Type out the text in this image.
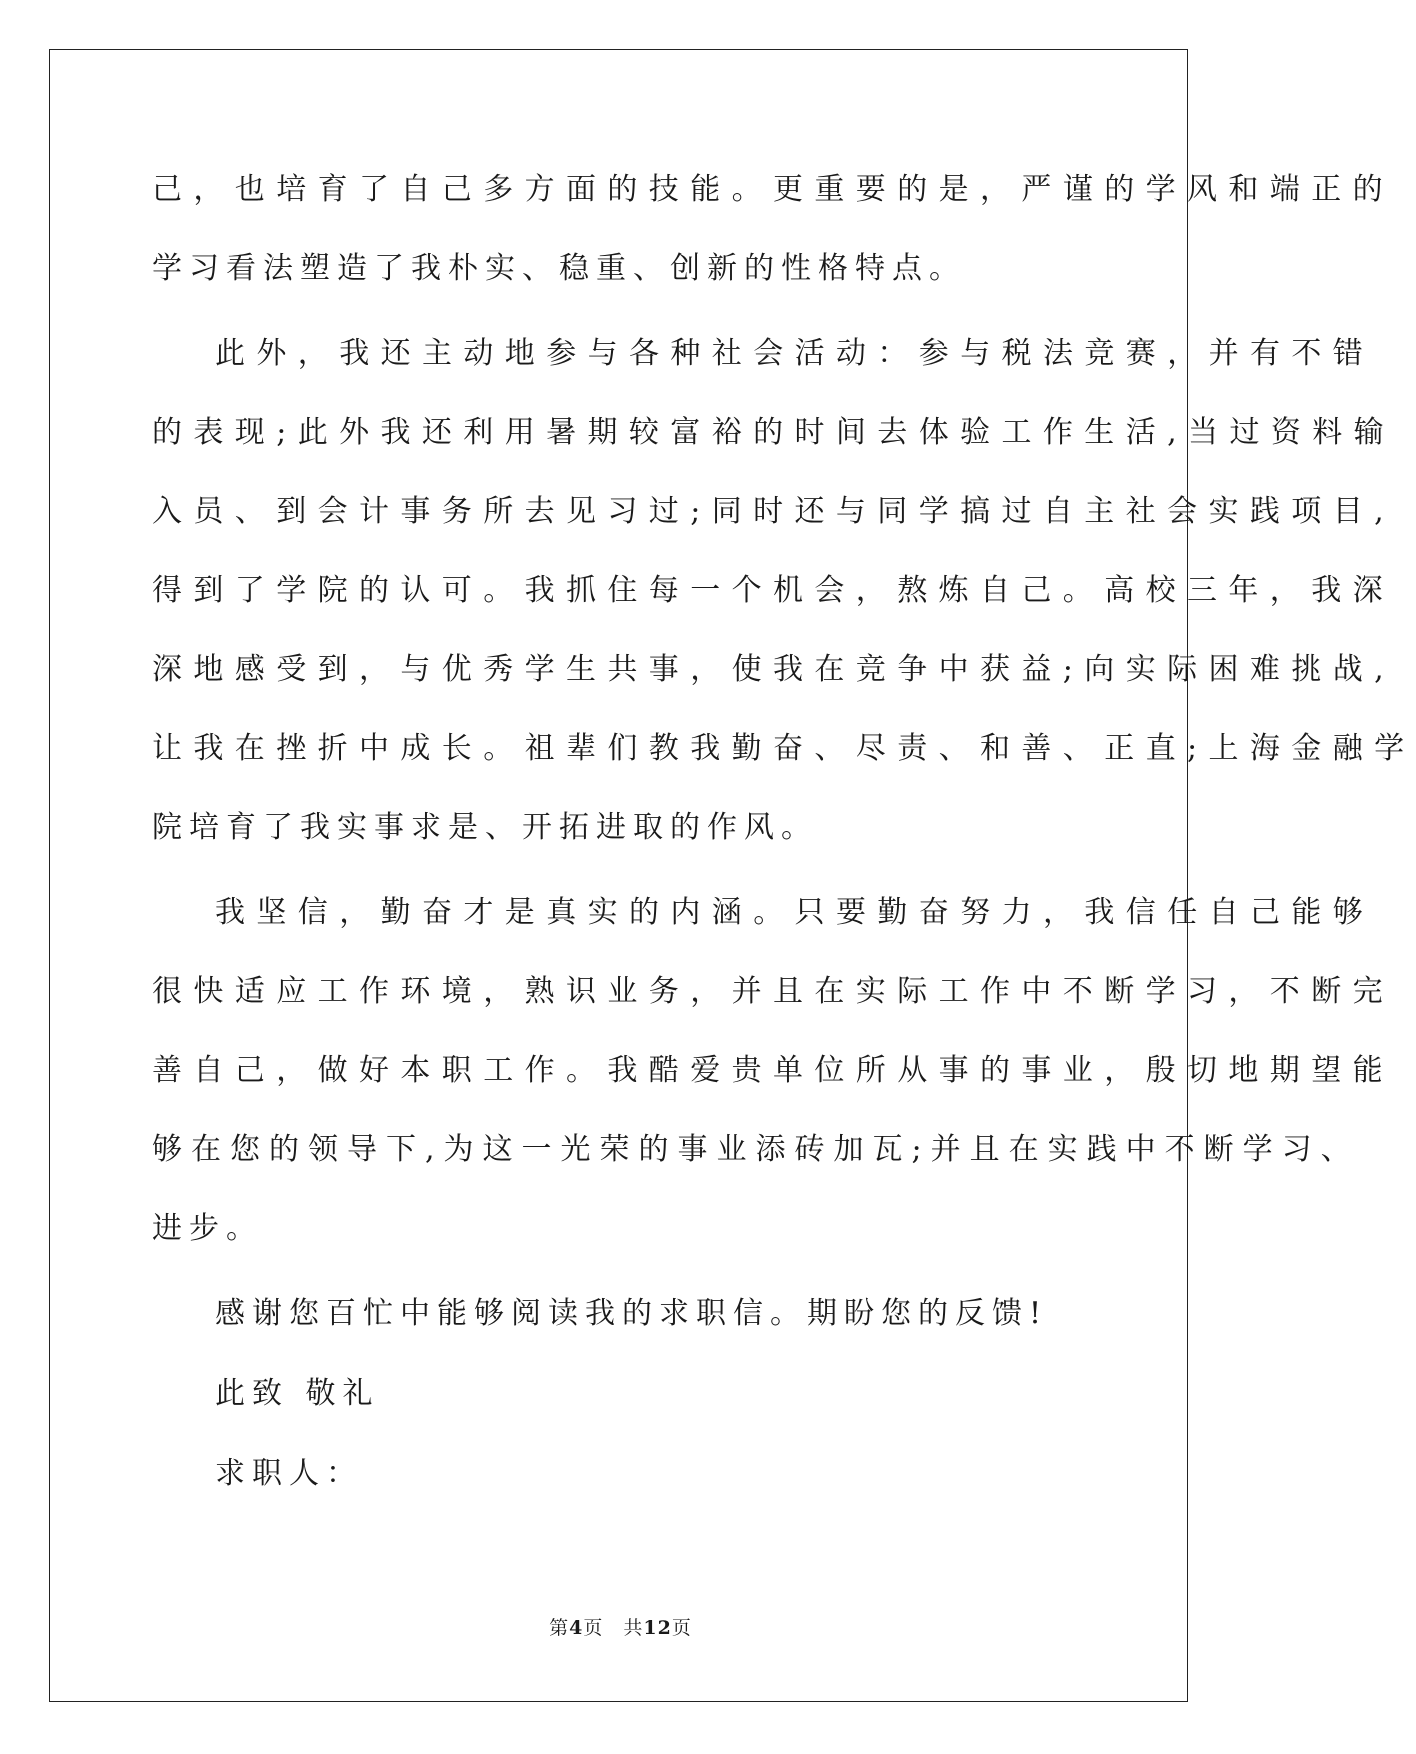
己，也培育了自己多方面的技能。更重要的是，严谨的学风和端正的
学习看法塑造了我朴实、稳重、创新的性格特点。
此外，我还主动地参与各种社会活动：参与税法竞赛，并有不错
的表现;此外我还利用暑期较富裕的时间去体验工作生活,当过资料输
入员、到会计事务所去见习过;同时还与同学搞过自主社会实践项目,
得到了学院的认可。我抓住每一个机会，熬炼自己。高校三年，我深
深地感受到，与优秀学生共事，使我在竞争中获益;向实际困难挑战,
让我在挫折中成长。祖辈们教我勤奋、尽责、和善、正直;上海金融学
院培育了我实事求是、开拓进取的作风。
我坚信，勤奋才是真实的内涵。只要勤奋努力，我信任自己能够
很快适应工作环境，熟识业务，并且在实际工作中不断学习，不断完
善自己，做好本职工作。我酷爱贵单位所从事的事业，殷切地期望能
够在您的领导下,为这一光荣的事业添砖加瓦;并且在实践中不断学习、
进步。
感谢您百忙中能够阅读我的求职信。期盼您的反馈!
此致 敬礼
求职人：
第4页 共12页
